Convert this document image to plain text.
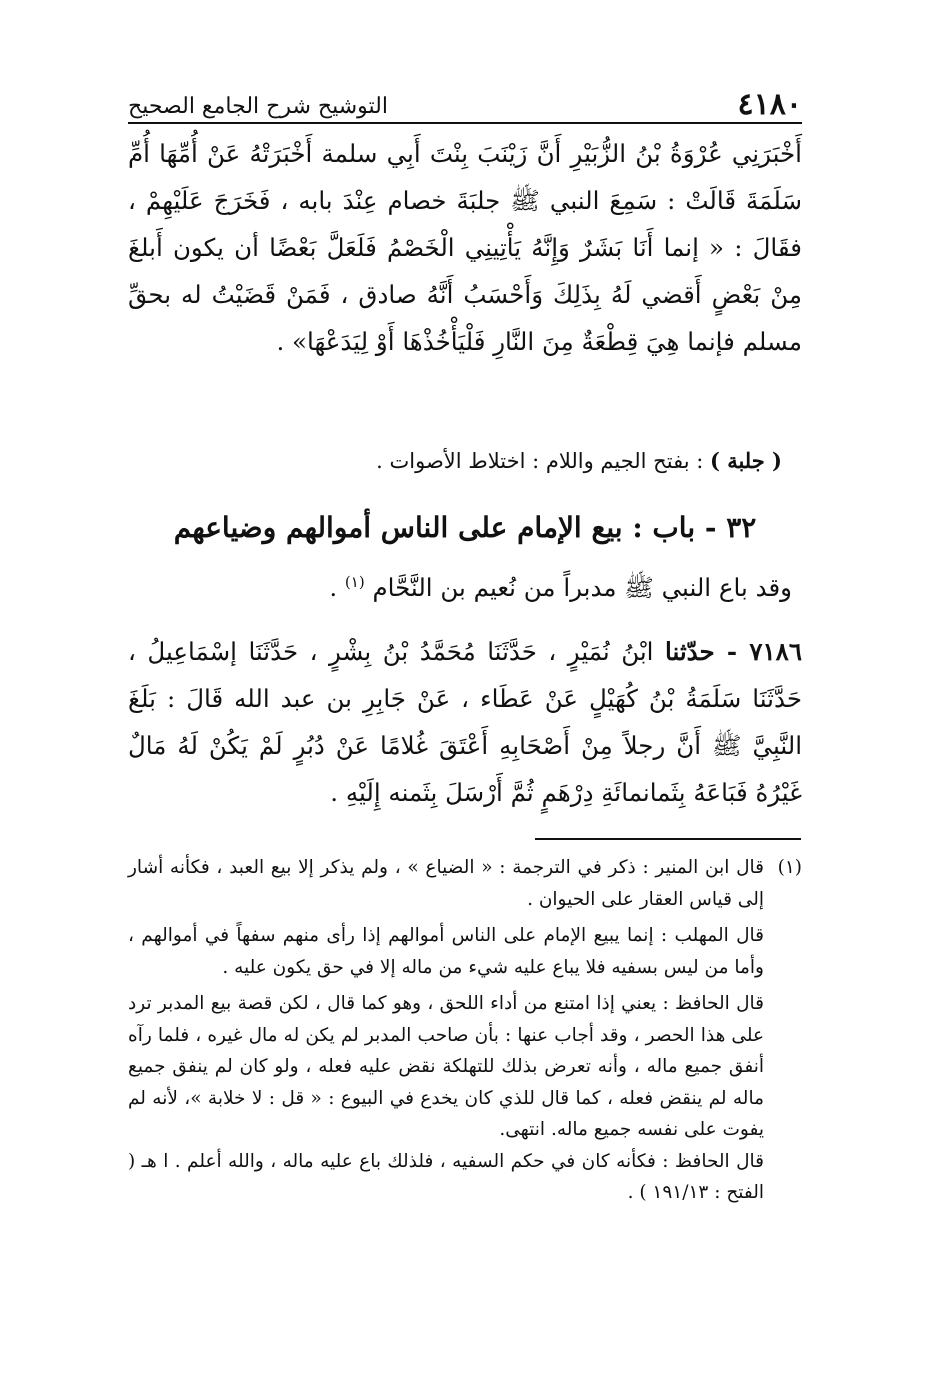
٤١٨٠
التوشيح شرح الجامع الصحيح
أَخْبَرَنِي عُرْوَةُ بْنُ الزُّبَيْرِ أَنَّ زَيْنَبَ بِنْتَ أَبِي سلمة أَخْبَرَتْهُ عَنْ أُمِّهَا أُمِّ سَلَمَةَ قَالَتْ : سَمِعَ النبي ﷺ جلبَةَ خصام عِنْدَ بابه ، فَخَرَجَ عَلَيْهِمْ ، فقَالَ : « إنما أَنَا بَشَرٌ وَإِنَّهُ يَأْتِينِي الْخَصْمُ فَلَعَلَّ بَعْضًا أن يكون أَبلغَ مِنْ بَعْضٍ أَقضي لَهُ بِذَلِكَ وَأَحْسَبُ أَنَّهُ صادق ، فَمَنْ قَضَيْتُ له بحقِّ مسلم فإنما هِيَ قِطْعَةٌ مِنَ النَّارِ فَلْيَأْخُذْهَا أَوْ لِيَدَعْهَا» .
( جلبة ) : بفتح الجيم واللام : اختلاط الأصوات .
٣٢ - باب : بيع الإمام على الناس أموالهم وضياعهم
وقد باع النبي ﷺ مدبراً من نُعيم بن النَّحَّام $^{(١)}$ .
٧١٨٦ - حدّثنا ابْنُ نُمَيْرٍ ، حَدَّثَنَا مُحَمَّدُ بْنُ بِشْرٍ ، حَدَّثَنَا إسْمَاعِيلُ ، حَدَّثَنَا سَلَمَةُ بْنُ كُهَيْلٍ عَنْ عَطَاء ، عَنْ جَابِرِ بن عبد الله قَالَ : بَلَغَ النَّبِيَّ ﷺ أَنَّ رجلاً مِنْ أَصْحَابِهِ أَعْتَقَ غُلامًا عَنْ دُبُرٍ لَمْ يَكُنْ لَهُ مَالٌ غَيْرُهُ فَبَاعَهُ بِثَمانمائَةِ دِرْهَمٍ ثُمَّ أَرْسَلَ بِثَمنه إِلَيْهِ .
(١)
قال ابن المنير : ذكر في الترجمة : « الضياع » ، ولم يذكر إلا بيع العبد ، فكأنه أشار إلى قياس العقار على الحيوان .
قال المهلب : إنما يبيع الإمام على الناس أموالهم إذا رأى منهم سفهاً في أموالهم ، وأما من ليس بسفيه فلا يباع عليه شيء من ماله إلا في حق يكون عليه .
قال الحافظ : يعني إذا امتنع من أداء اللحق ، وهو كما قال ، لكن قصة بيع المدبر ترد على هذا الحصر ، وقد أجاب عنها : بأن صاحب المدبر لم يكن له مال غيره ، فلما رآه أنفق جميع ماله ، وأنه تعرض بذلك للتهلكة نقض عليه فعله ، ولو كان لم ينفق جميع ماله لم ينقض فعله ، كما قال للذي كان يخدع في البيوع : « قل : لا خلابة »، لأنه لم يفوت على نفسه جميع ماله. انتهى.
قال الحافظ : فكأنه كان في حكم السفيه ، فلذلك باع عليه ماله ، والله أعلم . ا هـ ( الفتح : ١٩١/١٣ ) .
